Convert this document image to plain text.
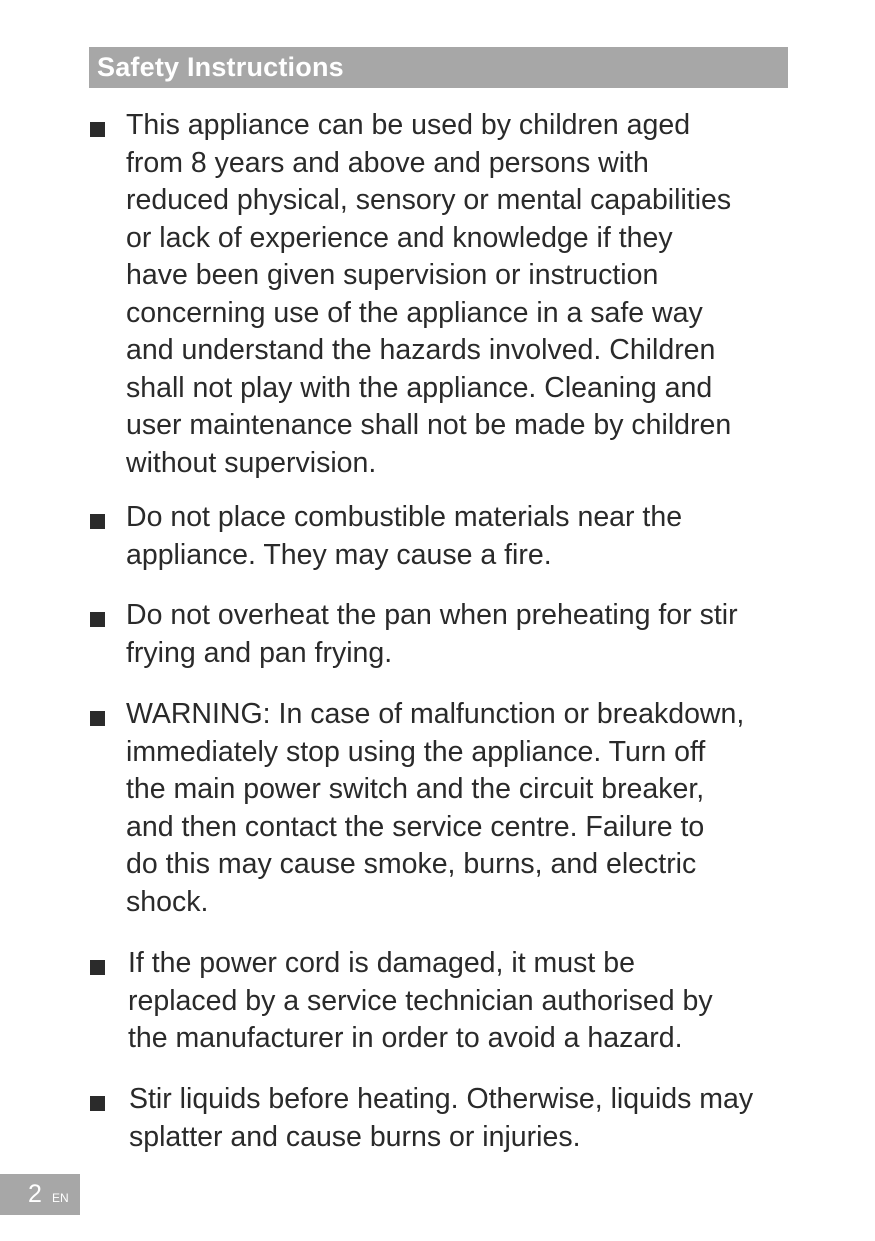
Safety Instructions
This appliance can be used by children aged
from 8 years and above and persons with
reduced physical, sensory or mental capabilities
or lack of experience and knowledge if they
have been given supervision or instruction
concerning use of the appliance in a safe way
and understand the hazards involved. Children
shall not play with the appliance. Cleaning and
user maintenance shall not be made by children
without supervision.
Do not place combustible materials near the
appliance. They may cause a fire.
Do not overheat the pan when preheating for stir
frying and pan frying.
WARNING: In case of malfunction or breakdown,
immediately stop using the appliance. Turn off
the main power switch and the circuit breaker,
and then contact the service centre. Failure to
do this may cause smoke, burns, and electric
shock.
If the power cord is damaged, it must be
replaced by a service technician authorised by
the manufacturer in order to avoid a hazard.
Stir liquids before heating. Otherwise, liquids may
splatter and cause burns or injuries.
2 EN
